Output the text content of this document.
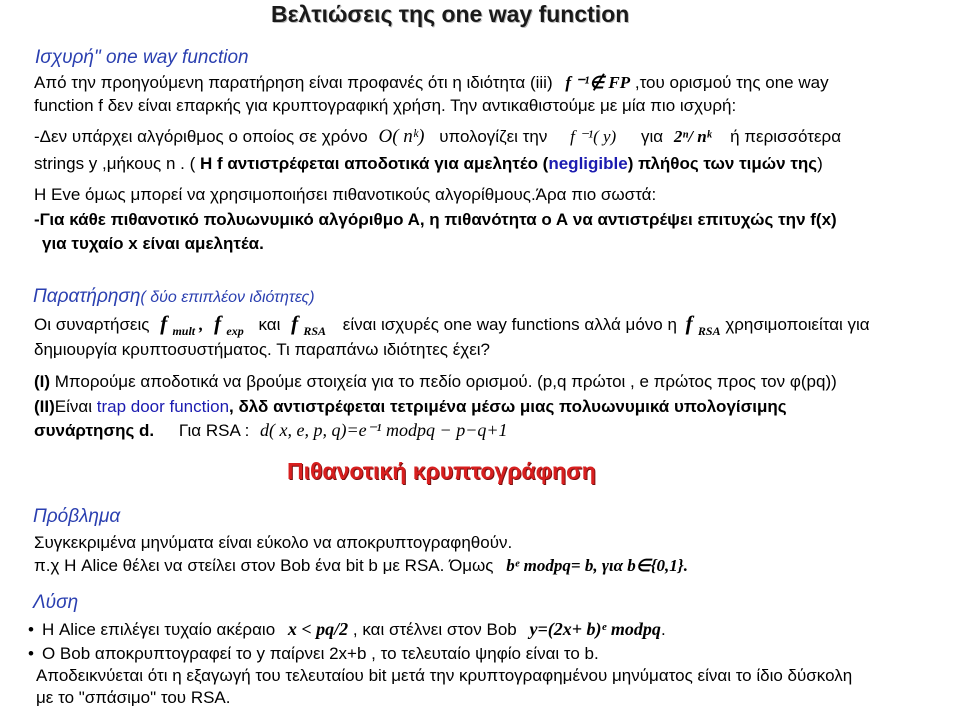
Βελτιώσεις της one way function
Ισχυρή" one way function
Από την προηγούμενη παρατήρηση είναι προφανές ότι η ιδιότητα (iii) f ⁻¹∉ FP ,του ορισμού της one way
function f δεν είναι επαρκής για κρυπτογραφική χρήση. Την αντικαθιστούμε με μία πιο ισχυρή:
-Δεν υπάρχει αλγόριθμος ο οποίος σε χρόνο O( nᵏ) υπολογίζει την f ⁻¹( y) για 2ⁿ/ nᵏ ή περισσότερα
strings y ,μήκους n . ( Η f αντιστρέφεται αποδοτικά για αμελητέο (negligible) πλήθος των τιμών της)
Η Eve όμως μπορεί να χρησιμοποιήσει πιθανοτικούς αλγορίθμους.Άρα πιο σωστά:
-Για κάθε πιθανοτικό πολυωνυμικό αλγόριθμο Α, η πιθανότητα ο Α να αντιστρέψει επιτυχώς την f(x)
για τυχαίο x είναι αμελητέα.
Παρατήρηση( δύο επιπλέον ιδιότητες)
Οι συναρτήσεις f $_{mult}$ , f $_{exp}$ και f $_{RSA}$ είναι ισχυρές one way functions αλλά μόνο η f $_{RSA}$ χρησιμοποιείται για
δημιουργία κρυπτοσυστήματος. Τι παραπάνω ιδιότητες έχει?
(I) Μπορούμε αποδοτικά να βρούμε στοιχεία για το πεδίο ορισμού. (p,q πρώτοι , e πρώτος προς τον φ(pq))
(II)Είναι trap door function, δλδ αντιστρέφεται τετριμένα μέσω μιας πολυωνυμικά υπολογίσιμης
συνάρτησης d. Για RSA : d( x, e, p, q)=e⁻¹ modpq − p−q+1
Πιθανοτική κρυπτογράφηση
Πρόβλημα
Συγκεκριμένα μηνύματα είναι εύκολο να αποκρυπτογραφηθούν.
π.χ Η Alice θέλει να στείλει στον Bob ένα bit b με RSA. Όμως bᵉ modpq= b, για b∈{0,1}.
Λύση
• Η Alice επιλέγει τυχαίο ακέραιο x < pq/2 , και στέλνει στον Bob y=(2x+ b)ᵉ modpq.
• Ο Bob αποκρυπτογραφεί το y παίρνει 2x+b , το τελευταίο ψηφίο είναι το b.
Αποδεικνύεται ότι η εξαγωγή του τελευταίου bit μετά την κρυπτογραφημένου μηνύματος είναι το ίδιο δύσκολη
με το "σπάσιμο" του RSA.
